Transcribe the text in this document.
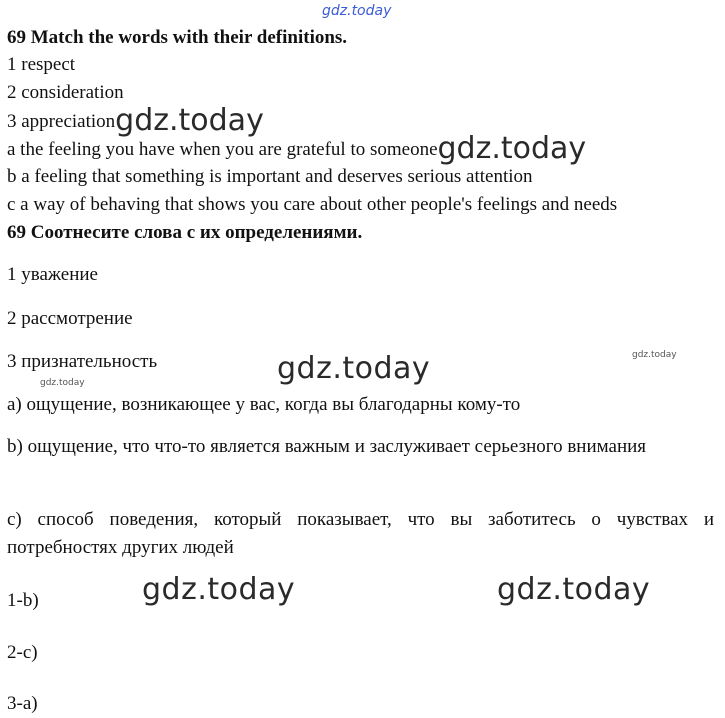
gdz.today
69 Match the words with their definitions.
1 respect
2 consideration
3 appreciationgdz.today
a the feeling you have when you are grateful to someonegdz.today
b a feeling that something is important and deserves serious attention
c a way of behaving that shows you care about other people's feelings and needs
69 Соотнесите слова с их определениями.
1 уважение
2 рассмотрение
3 признательность	gdz.today	gdz.today
gdz.today
а) ощущение, возникающее у вас, когда вы благодарны кому-то
b) ощущение, что что-то является важным и заслуживает серьезного внимания
с) способ поведения, который показывает, что вы заботитесь о чувствах и потребностях других людей
1-b)	gdz.today	gdz.today
2-с)
3-а)
